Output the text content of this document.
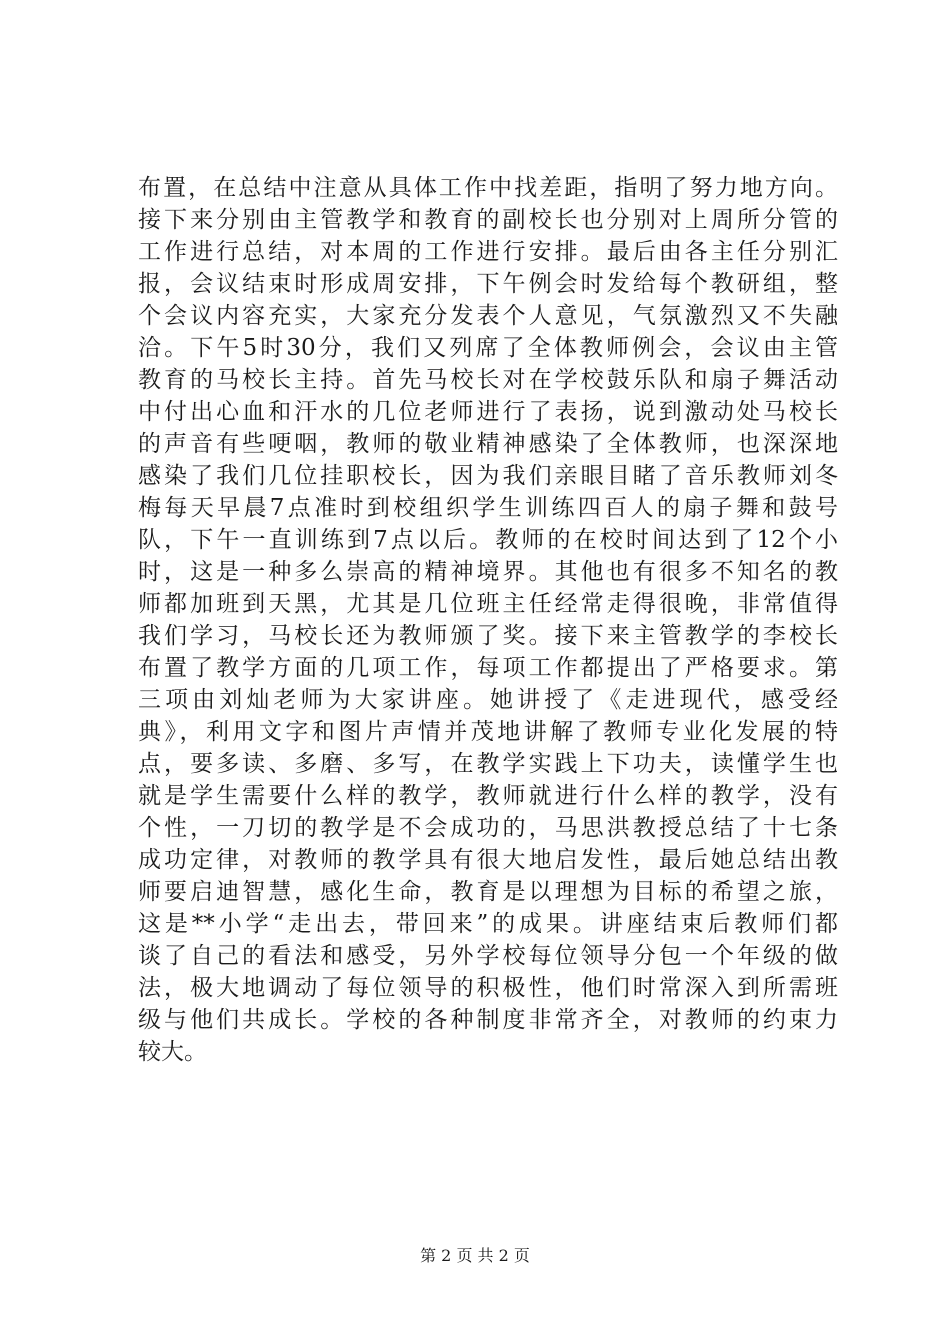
布置，在总结中注意从具体工作中找差距，指明了努力地方向。
接下来分别由主管教学和教育的副校长也分别对上周所分管的
工作进行总结，对本周的工作进行安排。最后由各主任分别汇
报，会议结束时形成周安排，下午例会时发给每个教研组，整
个会议内容充实，大家充分发表个人意见，气氛激烈又不失融
洽。下午5时30分，我们又列席了全体教师例会，会议由主管
教育的马校长主持。首先马校长对在学校鼓乐队和扇子舞活动
中付出心血和汗水的几位老师进行了表扬，说到激动处马校长
的声音有些哽咽，教师的敬业精神感染了全体教师，也深深地
感染了我们几位挂职校长，因为我们亲眼目睹了音乐教师刘冬
梅每天早晨7点准时到校组织学生训练四百人的扇子舞和鼓号
队，下午一直训练到7点以后。教师的在校时间达到了12个小
时，这是一种多么崇高的精神境界。其他也有很多不知名的教
师都加班到天黑，尤其是几位班主任经常走得很晚，非常值得
我们学习，马校长还为教师颁了奖。接下来主管教学的李校长
布置了教学方面的几项工作，每项工作都提出了严格要求。第
三项由刘灿老师为大家讲座。她讲授了《走进现代，感受经
典》，利用文字和图片声情并茂地讲解了教师专业化发展的特
点，要多读、多磨、多写，在教学实践上下功夫，读懂学生也
就是学生需要什么样的教学，教师就进行什么样的教学，没有
个性，一刀切的教学是不会成功的，马思洪教授总结了十七条
成功定律，对教师的教学具有很大地启发性，最后她总结出教
师要启迪智慧，感化生命，教育是以理想为目标的希望之旅，
这是**小学“走出去，带回来”的成果。讲座结束后教师们都
谈了自己的看法和感受，另外学校每位领导分包一个年级的做
法，极大地调动了每位领导的积极性，他们时常深入到所需班
级与他们共成长。学校的各种制度非常齐全，对教师的约束力
较大。
第 2 页 共 2 页
